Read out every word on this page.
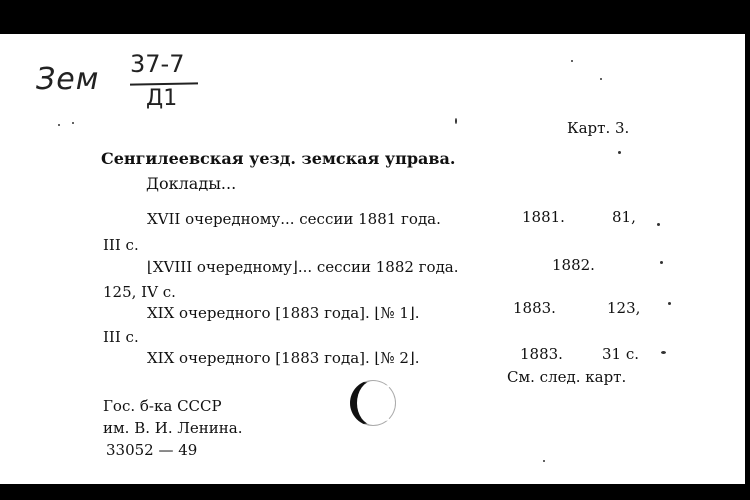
Зем 37-7
Д1
Карт. 3.
Сенгилеевская уезд. земская управа.
Доклады...
XVII очередному... сессии 1881 года.	1881.	81,
III с.
⌊XVIII очередному⌋... сессии 1882 года.	1882.
125, IV с.
XIX очередного [1883 года]. ⌊№ 1⌋.	1883.	123,
III с.
XIX очередного [1883 года]. ⌊№ 2⌋.	1883.	31 с.
См. след. карт.
Гос. б-ка СССР
им. В. И. Ленина.
33052 — 49
